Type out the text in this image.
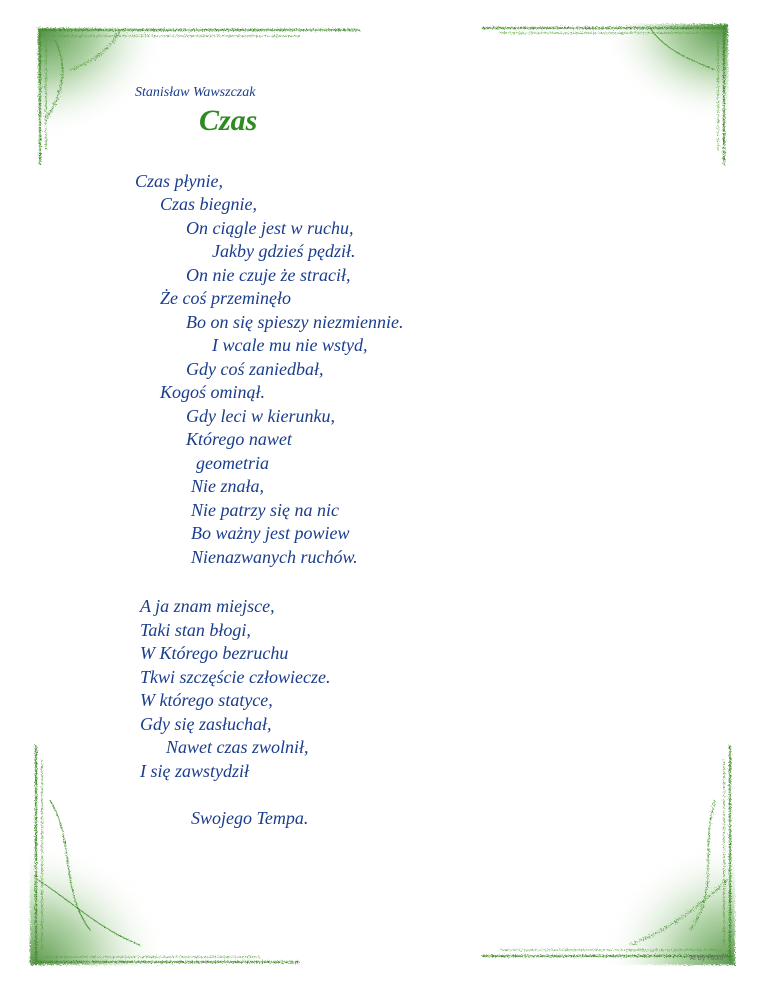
Stanisław Wawszczak
Czas
Czas płynie,
Czas biegnie,
On ciągle jest w ruchu,
Jakby gdzieś pędził.
On nie czuje że stracił,
Że coś przeminęło
Bo on się spieszy niezmiennie.
I wcale mu nie wstyd,
Gdy coś zaniedbał,
Kogoś ominął.
Gdy leci w kierunku,
Którego nawet
geometria
Nie znała,
Nie patrzy się na nic
Bo ważny jest powiew
Nienazwanych ruchów.
A ja znam miejsce,
Taki stan błogi,
W Którego bezruchu
Tkwi szczęście człowiecze.
W którego statyce,
Gdy się zasłuchał,
Nawet czas zwolnił,
I się zawstydził
Swojego Tempa.
Ai By Paulo
